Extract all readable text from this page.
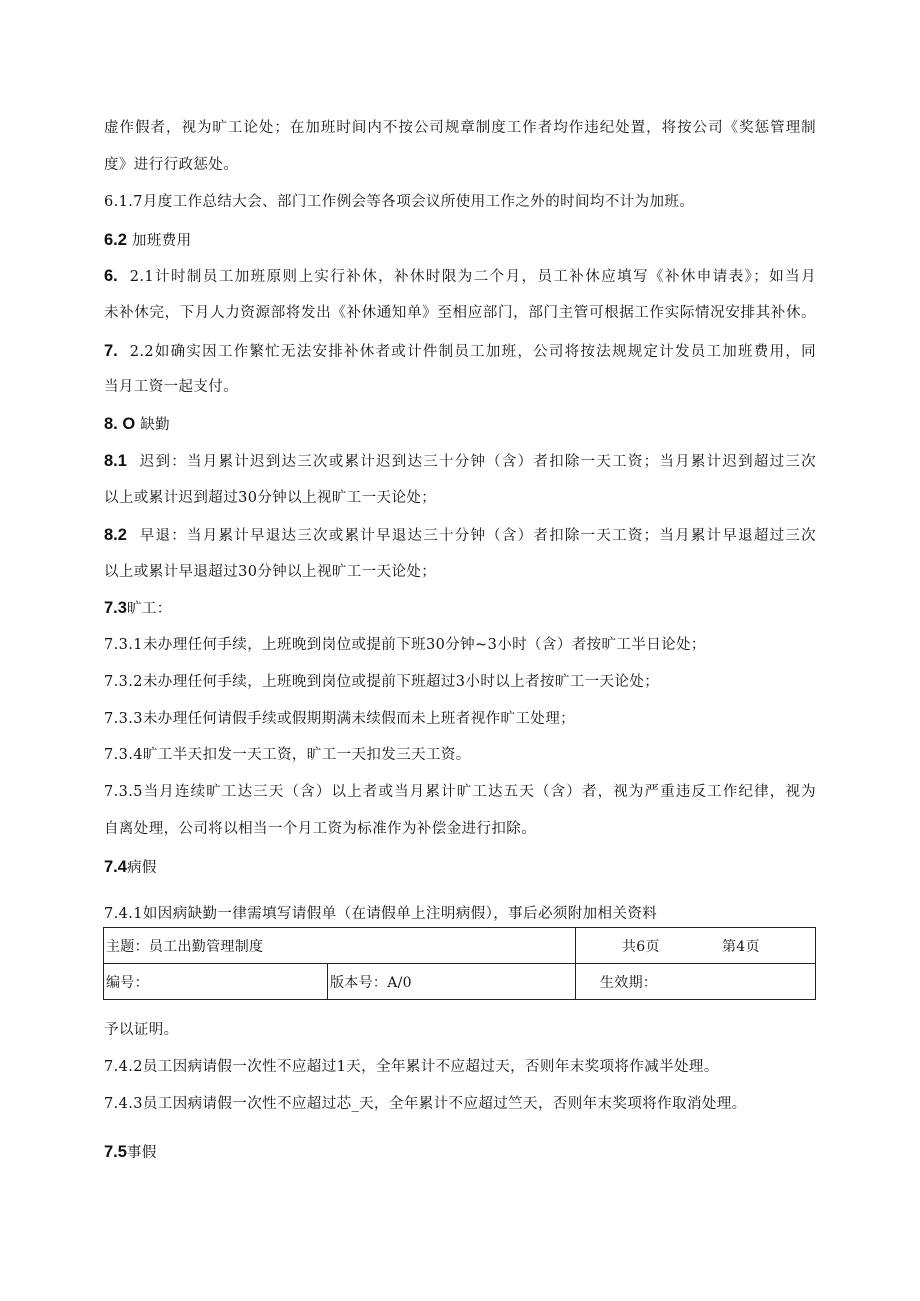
虚作假者，视为旷工论处；在加班时间内不按公司规章制度工作者均作违纪处置，将按公司《奖惩管理制
度》进行行政惩处。
6.1.7月度工作总结大会、部门工作例会等各项会议所使用工作之外的时间均不计为加班。
6.2 加班费用
6. 2.1计时制员工加班原则上实行补休，补休时限为二个月，员工补休应填写《补休申请表》；如当月
未补休完，下月人力资源部将发出《补休通知单》至相应部门，部门主管可根据工作实际情况安排其补休。
7. 2.2如确实因工作繁忙无法安排补休者或计件制员工加班，公司将按法规规定计发员工加班费用，同
当月工资一起支付。
8. O 缺勤
8.1 迟到：当月累计迟到达三次或累计迟到达三十分钟（含）者扣除一天工资；当月累计迟到超过三次
以上或累计迟到超过30分钟以上视旷工一天论处；
8.2 早退：当月累计早退达三次或累计早退达三十分钟（含）者扣除一天工资；当月累计早退超过三次
以上或累计早退超过30分钟以上视旷工一天论处；
7.3旷工：
7.3.1未办理任何手续，上班晚到岗位或提前下班30分钟~3小时（含）者按旷工半日论处；
7.3.2未办理任何手续，上班晚到岗位或提前下班超过3小时以上者按旷工一天论处；
7.3.3未办理任何请假手续或假期期满未续假而未上班者视作旷工处理；
7.3.4旷工半天扣发一天工资，旷工一天扣发三天工资。
7.3.5当月连续旷工达三天（含）以上者或当月累计旷工达五天（含）者，视为严重违反工作纪律，视为
自离处理，公司将以相当一个月工资为标准作为补偿金进行扣除。
7.4病假
7.4.1如因病缺勤一律需填写请假单（在请假单上注明病假），事后必须附加相关资料
主题：员工出勤管理制度		共6页 第4页
编号：	版本号：A/0	生效期：
予以证明。
7.4.2员工因病请假一次性不应超过1天，全年累计不应超过天，否则年末奖项将作减半处理。
7.4.3员工因病请假一次性不应超过芯_天，全年累计不应超过竺天，否则年末奖项将作取消处理。
7.5事假
